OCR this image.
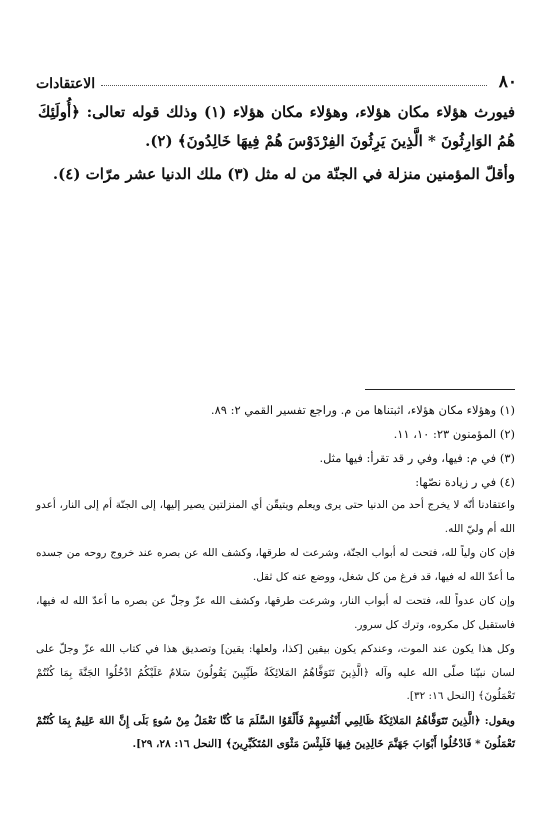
٨٠
الاعتقادات

فيورث هؤلاء مكان هؤلاء، وهؤلاء مكان هؤلاء (١) وذلك قوله تعالى: ﴿أُولَئِكَ هُمُ الوَارِثُونَ * الَّذِينَ يَرِثُونَ الفِرْدَوْسَ هُمْ فِيهَا خَالِدُونَ﴾ (٢).

وأقلّ المؤمنين منزلة في الجنّة من له مثل (٣) ملك الدنيا عشر مرّات (٤).

(١) وهؤلاء مكان هؤلاء، اثبتناها من م. وراجع تفسير القمي ٢: ٨٩.

(٢) المؤمنون ٢٣: ١٠، ١١.

(٣) في م: فيها، وفي ر قد تقرأ: فيها مثل.

(٤) في ر زيادة نصّها:

واعتقادنا أنّه لا يخرج أحد من الدنيا حتى يرى ويعلم ويتيقّن أي المنزلتين يصير إليها، إلى الجنّة أم إلى النار، أعدو الله أم وليّ الله.

فإن كان ولياً لله، فتحت له أبواب الجنّة، وشرعت له طرقها، وكشف الله عن بصره عند خروج روحه من جسده ما أعدّ الله له فيها، قد فرغ من كل شغل، ووضع عنه كل ثقل.

وإن كان عدواً لله، فتحت له أبواب النار، وشرعت طرقها، وكشف الله عزّ وجلّ عن بصره ما أعدّ الله له فيها، فاستقبل كل مكروه، وترك كل سرور.

وكل هذا يكون عند الموت، وعندكم يكون بيقين [كذا، ولعلها: يقين] وتصديق هذا في كتاب الله عزّ وجلّ على لسان نبيّنا صلّى الله عليه وآله ﴿الَّذِينَ تَتَوَفَّاهُمُ المَلائِكَةُ طَيِّبِينَ يَقُولُونَ سَلامٌ عَلَيْكُمُ ادْخُلُوا الجَنَّةَ بِمَا كُنْتُمْ تَعْمَلُونَ﴾ [النحل ١٦: ٣٢].

ويقول: ﴿الَّذِينَ تَتَوَفَّاهُمُ المَلائِكَةُ ظَالِمِي أَنْفُسِهِمْ فَأَلْقَوُا السَّلَمَ مَا كُنَّا نَعْمَلُ مِنْ سُوءٍ بَلَى إِنَّ اللهَ عَلِيمٌ بِمَا كُنْتُمْ تَعْمَلُونَ * فَادْخُلُوا أَبْوَابَ جَهَنَّمَ خَالِدِينَ فِيهَا فَلَبِئْسَ مَثْوَى المُتَكَبِّرِينَ﴾ [النحل ١٦: ٢٨، ٢٩].
